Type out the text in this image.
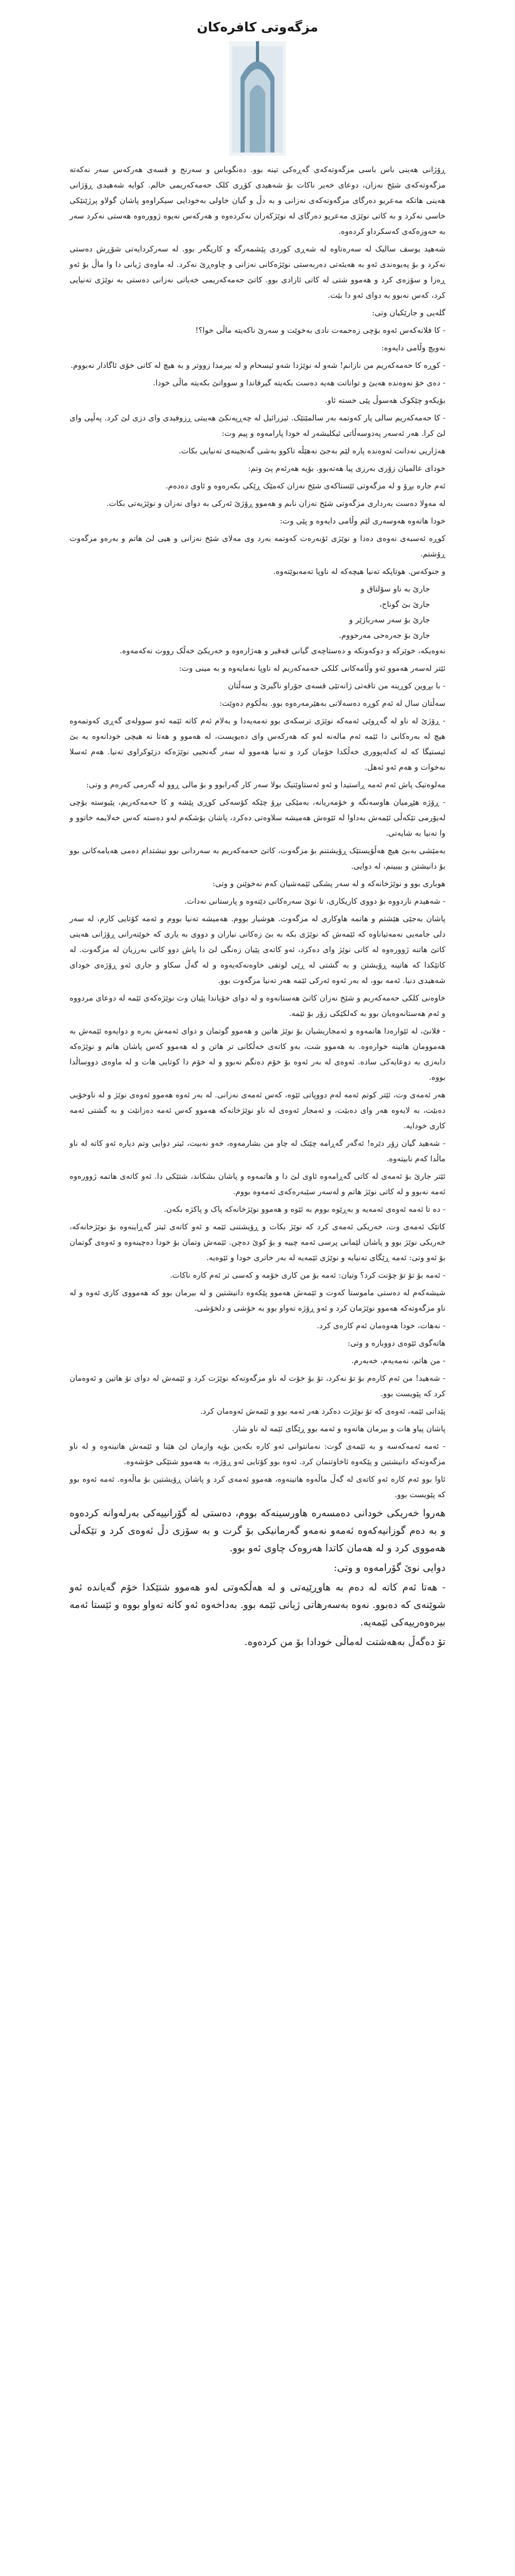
مزگەوتی کافرەکان

ڕۆژانی هەینی باس باسی مزگەوتەکەی گەڕەکی تینە بوو. دەنگوباس و سەرنج و قسەی هەرکەس سەر نەکەتە مزگەوتەکەی شێخ نەزان، دوعای خەیر ناکات بۆ شەهیدی کۆڕی کلک حەمەکەریمی خالم. کوایە شەهیدی ڕۆژانی هەینی هاتکە مەعریو دەرگای مزگەوتەکەی نەزانی و بە دڵ و گیان خاولی بەخودایی سیکراوەو پاشان گولاو پرژێنێکی خاسی نەکرد و بە کاتی نوێژی مەعریو دەرگای لە نوێژکەران نەکردەوە و هەرکەس نەیوە ژوورەوە هەستی نەکرد سەر بە حەوزەکەی کەسکرداو کردەوە.

شەهید یوسف سالیک لە سەرەتاوە لە شەڕی کوردی پێشمەرگە و کاریگەر بوو. لە سەرکردایەتی شۆڕش دەستی نەکرد و بۆ پەیوەندی ئەو بە هەیئەتی دەربەستی نوێژەکانی نەزانی و چاوەڕێ نەکرد. لە ماوەی ژیانی دا وا ماڵ بۆ ئەو ڕەزا و سۆزەی کرد و هەموو شتی لە کاتی ئازادی بوو. کاتێ حەمەکەریمی خەیاتی نەزانی دەستی بە نوێژی تەنیایی کرد، کەس نەبوو بە دوای ئەو دا بێت.

گلەیی و جارێکیان وتی:

- کا فلانەکەس ئەوە بۆچی زەحمەت نادی بەخوێت و سەرێ ناکەیتە ماڵی خوا؟!

نەویچ وڵامی دایەوە:

- کوڕە کا حەمەکەریم من نازانم! شەو لە نوێژدا شەو ئیسحام و لە بیرمدا زووتر و بە هیچ لە کاتی خۆی ئاگادار نەبووم.

- دەی خۆ نەوەندە هەیئ و تواناتت هەیە دەست بکەیتە گیرفاندا و سوواتێ بکەیتە ماڵی خودا.

بۆیکەو چێکوک هەسوڵ پێی خستە ئاو.

- کا حەمەکەریم سالی پار کەوتمە بەر سالمێتێک. ئیزرائیل لە چەڕپەنکێ هەیبتی ڕزوفیدی وای دزی لێ کرد. پەڵپی وای لێ کرا. هەر ئەسەر پەدوسەڵاتی ئیکلیشەر لە خودا پارامەوە و پیم وت:

هەژاریی نەدانت ئەوەندە پارە لێم بەجێ نەهێڵە تاکوو بەشی گەنجینەی تەنیایی بکات.

خودای عالمیان زۆری بەرزی پیا هەتەبوو. بۆیە هەرئەم پێ وتم:

ئەم جارە بڕۆ و لە مزگەوتی ئێستاکەی شێخ نەزان کەمێک ڕێکی بکەرەوە و ئاوی دەدەم.

لە مەولا دەست بەرداری مزگەوتی شێخ نەزان نابم و هەموو ڕۆژێ ئەرکی بە دوای نەزان و نوێژیەتی بکات.

خودا هاتەوە هەوسەری لێم وڵامی دایەوە و پێی وت:

کوڕە ئەسبەی نەوەی دەدا و نوێژی ئۆبەرەت کەوتمە بەرد وی مەلای شێخ نەزانی و هیی لێ هاتم و بەرەو مزگەوت ڕۆشتم.

و جنوکەس. هوتاپکە تەنیا هیچەکە لە ناوپا تەمەبوێتەوە.

جارێ بە ناو سۆلتاق و

جارێ بێ گوناح،

جارێ بۆ سەر سەرباژێر و

جارێ بۆ جەرەحی مەرحووم.

نەوەیکە، خوێرکە و دوکەونکە و دەستاچەی گیانی فەقیر و هەژارەوە و خەریکێ خەڵک رووت نەکەمەوە.

ئێتر لەسەر هەموو ئەو وڵامەکانی کلکی حەمەکەریم لە ناوپا نەمایەوە و بە مینی وت:

- با بڕوین کوڕینە من تاقەتی ژانەتێی قسەی جۆراو ناگیرێ و سەڵتان

سەڵتان سال لە ئەم کوڕە دەسەلاتی بەهێرمەرەوە بوو. بەڵکوم دەوێت:

- ڕۆژێ لە ناو لە گەڕوێی ئەمەکە نوێژی ترسکەی بوو تەمەیەدا و بەلام ئەم کاتە ئێمە ئەو سوولەی گەڕی کەوتمەوە هیچ لە بەرەکانی دا ئێمە ئەم مالەنە لەو کە هەرکەس وای دەیویست، لە هەموو و هەتا نە هیچی خودانەوە بە بێ ئیستیگا کە لە کەلەپووری خەڵکدا خۆمان کرد و تەنیا هەموو لە سەر گەنجیی نوێژەکە دزێوکراوی تەنیا. هەم ئەسلا نەخوات و هەم ئەو ئەهل.

مەلوەتیک پاش ئەم ئەمە ڕاستیدا و ئەو ئەستاوێتیک بولا سەر کار گەرابوو و بۆ مالی ڕوو لە گەرمی کەرەم و وتی:

- ڕۆژە هێڕمیان هاوسەنگە و خۆمەریانە، بەمێکی بڕۆ چێکە کۆسەکی کوڕی پێشە و کا حەمەکەریم، پێیوستە بۆچی لەیۆرمی تێکەڵی ئێمەش بەداوا لە ئێوەش هەمیشە سلاوەتی دەکرد، پاشان بۆشکەم لەو دەستە کەس خەلایمە خاتوو و وا تەنیا بە شایەتی.

بەمێشی بەبێ هیچ هەڵۆیستێک ڕۆیشتنم بۆ مزگەوت، کاتێ حەمەکەریم بە سەردانی بوو نیشتدام دەمی هەیامەکانی بوو بۆ دانیشتن و بیبینم، لە دوایی.

هوباری بوو و نوێژخانەکە و لە سەر پشکی ئێمەشیان کەم نەخوێنن و وتی:

- شەهیدم ناردووە بۆ دووی کاریکاری، تا نوێ سەرەکانی دێتەوە و پارستانی نەدات.

پاشان بەجێی هێشتم و هاتمە هاوکاری لە مزگەوت. هوشیار بووم. هەمیشە تەنیا بووم و ئەمە کۆتایی کارم، لە سەر دلی جامەیی نەمەتیاناوە کە ئێمەش کە نوێژی بکە بە بێ زەکانی نیاران و دووی بە یاری کە خوێنەرانی ڕۆژانی هەینی کاتێ هاتنە ژوورەوە لە کاتی نوێژ وای دەکرد، ئەو کاتەی پێیان زەنگی لێ دا پاش دوو کاتی بەرزیان لە مزگەوت. لە کاتێکدا کە هاتینە ڕۆیشتن و بە گشتی لە ڕێی لوتفی خاوەنەکەیەوە و لە گەڵ سکاو و جاری ئەو ڕۆژەی خودای شەهیدی دنیا. ئەمە بوو، لە بەر ئەوە ئەرکی ئێمە هەر تەنیا مزگەوت بوو.

خاوەنی کلکی حەمەکەریم و شێخ نەزان کاتێ هەستانەوە و لە دوای خۆیاندا پێیان وت نوێژەکەی ئێمە لە دوعای مردووە و ئەم هەستانەوەیان بوو بە کەلکێکی زۆر بۆ ئێمە.

- فلانێ، لە ئێوارەدا هاتمەوە و ئەمجاریشیان بۆ نوێژ هاتین و هەموو گوتمان و دوای ئەمەش بەرە و دوایەوە ئێمەش بە هەموومان هاتینە خوارەوە. بە هەموو شت، بەو کاتەی خەڵکانی تر هاتن و لە هەموو کەس پاشان هاتم و نوێژەکە دابەزی بە دوعایەکی سادە. ئەوەی لە بەر ئەوە بۆ خۆم دەنگم نەبوو و لە خۆم دا کوتایی هات و لە ماوەی دووساڵدا بووە.

هەر ئەمەی وت، ئێتر کوتم ئەمە لەم دووپاتی ئێوە، کەس ئەمەی نەزانی. لە بەر ئەوە هەموو ئەوەی نوێژ و لە ناوخۆیی دەبێت، بە لایەوە هەر وای دەبێت، و ئەمجار ئەوەی لە ناو نوێژخانەکە هەموو کەس ئەمە دەزانێت و بە گشتی ئەمە کاری خودایە.

- شەهید گیان زۆر دێرە! ئەگەر گەڕامە چێتک لە چاو من بشارمەوە، خەو نەبیت، ئیتر دوایی وتم دیارە ئەو کاتە لە ناو ماڵدا کەم نابیتەوە.

ئێتر جارێ بۆ ئەمەی لە کاتی گەڕامەوە ئاوی لێ دا و هاتمەوە و پاشان بشکاند، شتێکی دا. ئەو کاتەی هاتمە ژوورەوە ئەمە نەبوو و لە کاتی نوێژ هاتم و لەسەر سێبەرەکەی ئەمەوە بووم.

- دە تا ئەمە ئەوەی ئەمەیە و بەڕێوە بووم بە ئێوە و هەموو نوێژخانەکە پاک و پاکژە بکەن.

کاتێک ئەمەی وت، خەریکی ئەمەی کرد کە نوێژ بکات و ڕۆیشتنی ئێمە و ئەو کاتەی ئیتر گەڕاینەوە بۆ نوێژخانەکە، خەریکی نوێژ بوو و پاشان لێمانی پرسی ئەمە چییە و بۆ کوێ دەچن. ئێمەش وتمان بۆ خودا دەچینەوە و ئەوەی گوتمان بۆ ئەو وتی: ئەمە ڕێگای تەنیایە و نوێژی ئێمەیە لە بەر خاتری خودا و ئێوەیە.

- ئەمە بۆ تۆ تۆ چۆنت کرد؟ وتیان: ئەمە بۆ من کاری خۆمە و کەسی تر ئەم کارە ناکات.

شیشەکەم لە دەستی ماموستا کەوت و ئێمەش هەموو پێکەوە دانیشتین و لە بیرمان بوو کە هەمووی کاری ئەوە و لە ناو مزگەوتەکە هەموو نوێژمان کرد و ئەو ڕۆژە تەواو بوو بە خۆشی و دلخۆشی.

- نەهات، خودا هەوەمان ئەم کارەی کرد.

هاتەگوی ئێوەی دووبارە و وتی:

- من هاتم، نەمەیەم، خەبەرم.

- شەهید! من ئەم کارەم بۆ تۆ نەکرد، تۆ بۆ خۆت لە ناو مزگەوتەکە نوێژت کرد و ئێمەش لە دوای تۆ هاتین و ئەوەمان کرد کە پێویست بوو.

پێدانی ئێمە، ئەوەی کە تۆ نوێژت دەکرد هەر ئەمە بوو و ئێمەش ئەوەمان کرد.

پاشان پیاو هات و بیرمان هاتەوە و ئەمە بوو ڕێگای ئێمە لە ناو شار.

- ئەمە ئەمەکەسە و بە ئێمەی گوت: نەمانتوانی ئەو کارە بکەین بۆیە وازمان لێ هێنا و ئێمەش هاتینەوە و لە ناو مزگەوتەکە دانیشتین و پێکەوە ئاخاوتنمان کرد. ئەوە بوو کۆتایی ئەو ڕۆژە، بە هەموو شتێکی خۆشەوە.

ئاوا بوو ئەم کارە ئەو کاتەی لە گەڵ ماڵەوە هاتینەوە، هەموو ئەمەی کرد و پاشان ڕۆیشتین بۆ ماڵەوە. ئەمە ئەوە بوو کە پێویست بوو.

هەروا خەریکی خودانی دەمسەرە هاورسینەکە بووم، دەستی لە گۆرانییەکی بەرلەوانە کردەوە و بە دەم گوزانیەکەوە ئەمەو نەمەو گەرمانیکی بۆ گرت و بە سۆزی دڵ ئەوەی کرد و تێکەڵی هەمووی کرد و لە هەمان کاتدا هەروەک چاوی ئەو بوو.

دوایی نوێ گۆرامەوە و وتی:

- هەتا ئەم کاتە لە دەم بە هاوڕێیەتی و لە هەڵکەوتی لەو هەموو شتێکدا خۆم گەیاندە ئەو شوێنەی کە دەبوو. نەوە بەسەرهاتی ژیانی ئێمە بوو. بەداخەوە ئەو کاتە تەواو بووە و ئێستا ئەمە بیرەوەرییەکی ئێمەیە.

تۆ دەگەڵ بەهەشتت لەماڵی خودادا بۆ من کردەوە.
